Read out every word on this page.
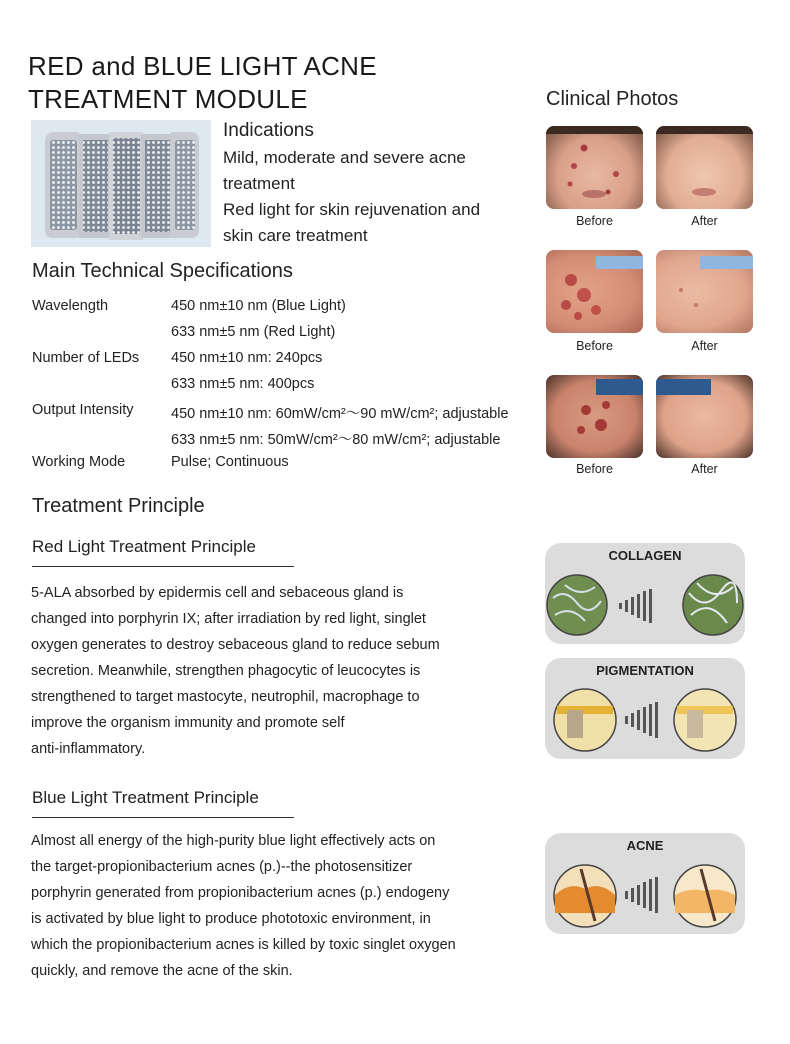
RED and BLUE LIGHT ACNE
TREATMENT MODULE	Clinical Photos
Indications
Mild, moderate and severe acne
treatment
Red light for skin rejuvenation and
skin care treatment
Main Technical Specifications
Wavelength	450 nm±10 nm (Blue Light)
633 nm±5 nm (Red Light)
Number of LEDs 450 nm±10 nm: 240pcs
633 nm±5 nm: 400pcs
Output Intensity	450 nm±10 nm: 60mW/cm²～90 mW/cm²; adjustable
633 nm±5 nm: 50mW/cm²～80 mW/cm²; adjustable
Working Mode	Pulse; Continuous
Treatment Principle
Red Light Treatment Principle
5-ALA absorbed by epidermis cell and sebaceous gland is
changed into porphyrin IX; after irradiation by red light, singlet
oxygen generates to destroy sebaceous gland to reduce sebum
secretion. Meanwhile, strengthen phagocytic of leucocytes is
strengthened to target mastocyte, neutrophil, macrophage to
improve the organism immunity and promote self
anti-inflammatory.
Blue Light Treatment Principle
Almost all energy of the high-purity blue light effectively acts on
the target-propionibacterium acnes (p.)--the photosensitizer
porphyrin generated from propionibacterium acnes (p.) endogeny
is activated by blue light to produce phototoxic environment, in
which the propionibacterium acnes is killed by toxic singlet oxygen
quickly, and remove the acne of the skin.
Before	After
Before	After
Before	After
COLLAGEN
PIGMENTATION
ACNE
